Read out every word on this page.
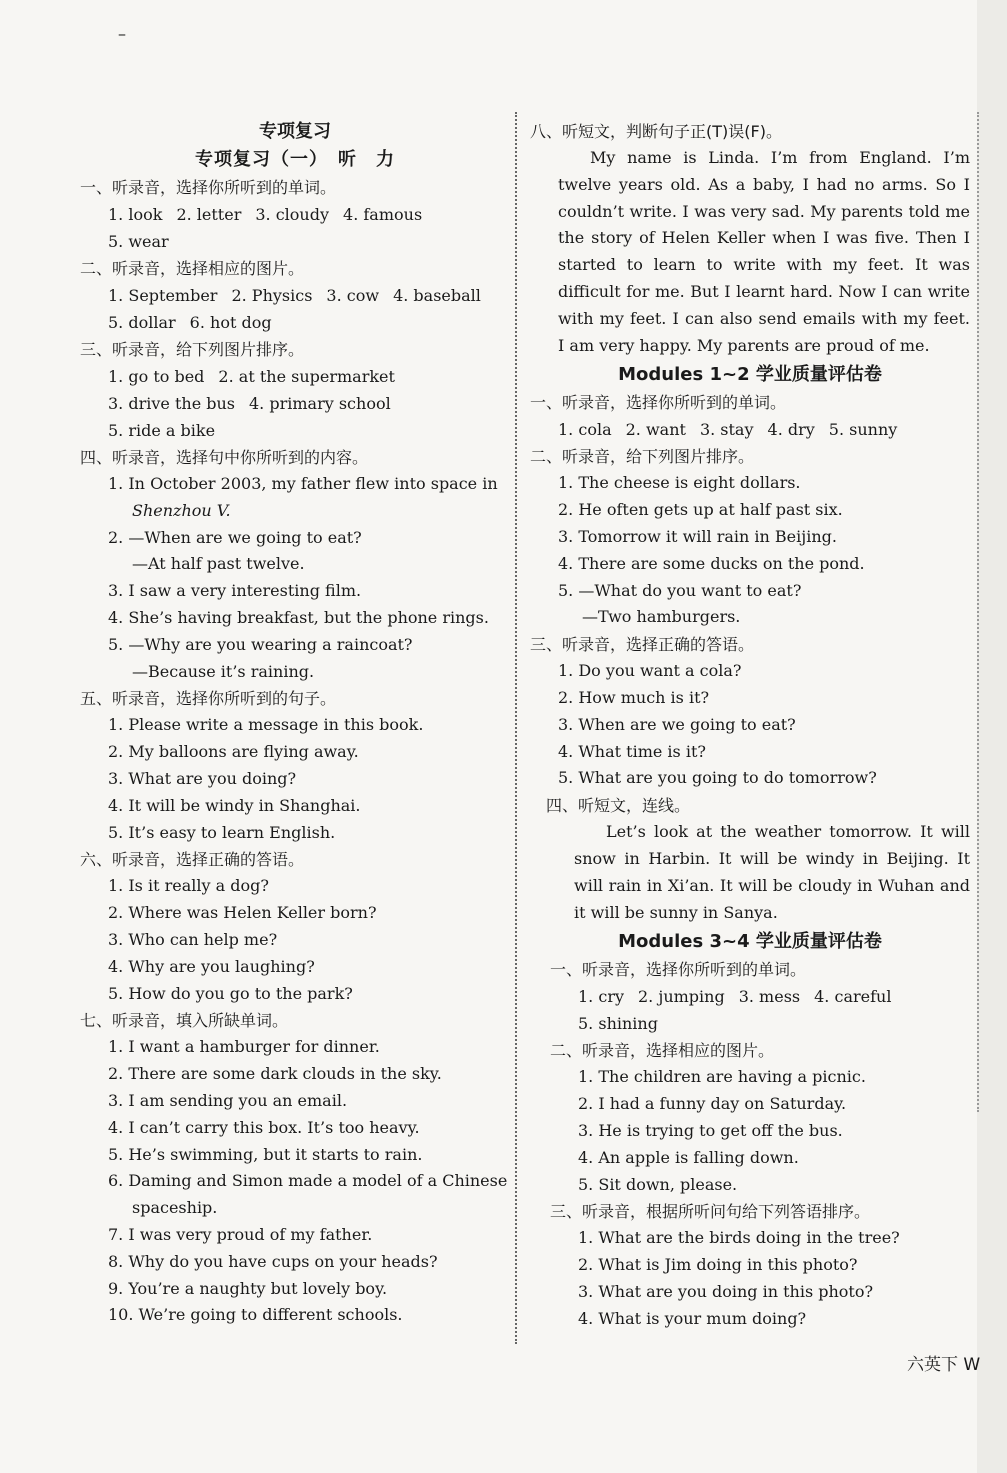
–
专项复习
专项复习（一）　听　力
一、听录音，选择你所听到的单词。
1. look 2. letter 3. cloudy 4. famous
5. wear
二、听录音，选择相应的图片。
1. September 2. Physics 3. cow 4. baseball
5. dollar 6. hot dog
三、听录音，给下列图片排序。
1. go to bed 2. at the supermarket
3. drive the bus 4. primary school
5. ride a bike
四、听录音，选择句中你所听到的内容。
1. In October 2003, my father flew into space in
Shenzhou V.
2. —When are we going to eat?
—At half past twelve.
3. I saw a very interesting film.
4. She’s having breakfast, but the phone rings.
5. —Why are you wearing a raincoat?
—Because it’s raining.
五、听录音，选择你所听到的句子。
1. Please write a message in this book.
2. My balloons are flying away.
3. What are you doing?
4. It will be windy in Shanghai.
5. It’s easy to learn English.
六、听录音，选择正确的答语。
1. Is it really a dog?
2. Where was Helen Keller born?
3. Who can help me?
4. Why are you laughing?
5. How do you go to the park?
七、听录音，填入所缺单词。
1. I want a hamburger for dinner.
2. There are some dark clouds in the sky.
3. I am sending you an email.
4. I can’t carry this box. It’s too heavy.
5. He’s swimming, but it starts to rain.
6. Daming and Simon made a model of a Chinese
spaceship.
7. I was very proud of my father.
8. Why do you have cups on your heads?
9. You’re a naughty but lovely boy.
10. We’re going to different schools.
八、听短文，判断句子正(T)误(F)。
My name is Linda. I’m from England. I’m twelve years old. As a baby, I had no arms. So I couldn’t write. I was very sad. My parents told me the story of Helen Keller when I was five. Then I started to learn to write with my feet. It was difficult for me. But I learnt hard. Now I can write with my feet. I can also send emails with my feet. I am very happy. My parents are proud of me.
Modules 1~2 学业质量评估卷
一、听录音，选择你所听到的单词。
1. cola 2. want 3. stay 4. dry 5. sunny
二、听录音，给下列图片排序。
1. The cheese is eight dollars.
2. He often gets up at half past six.
3. Tomorrow it will rain in Beijing.
4. There are some ducks on the pond.
5. —What do you want to eat?
—Two hamburgers.
三、听录音，选择正确的答语。
1. Do you want a cola?
2. How much is it?
3. When are we going to eat?
4. What time is it?
5. What are you going to do tomorrow?
四、听短文，连线。
Let’s look at the weather tomorrow. It will snow in Harbin. It will be windy in Beijing. It will rain in Xi’an. It will be cloudy in Wuhan and it will be sunny in Sanya.
Modules 3~4 学业质量评估卷
一、听录音，选择你所听到的单词。
1. cry 2. jumping 3. mess 4. careful
5. shining
二、听录音，选择相应的图片。
1. The children are having a picnic.
2. I had a funny day on Saturday.
3. He is trying to get off the bus.
4. An apple is falling down.
5. Sit down, please.
三、听录音，根据所听问句给下列答语排序。
1. What are the birds doing in the tree?
2. What is Jim doing in this photo?
3. What are you doing in this photo?
4. What is your mum doing?
六英下 W
